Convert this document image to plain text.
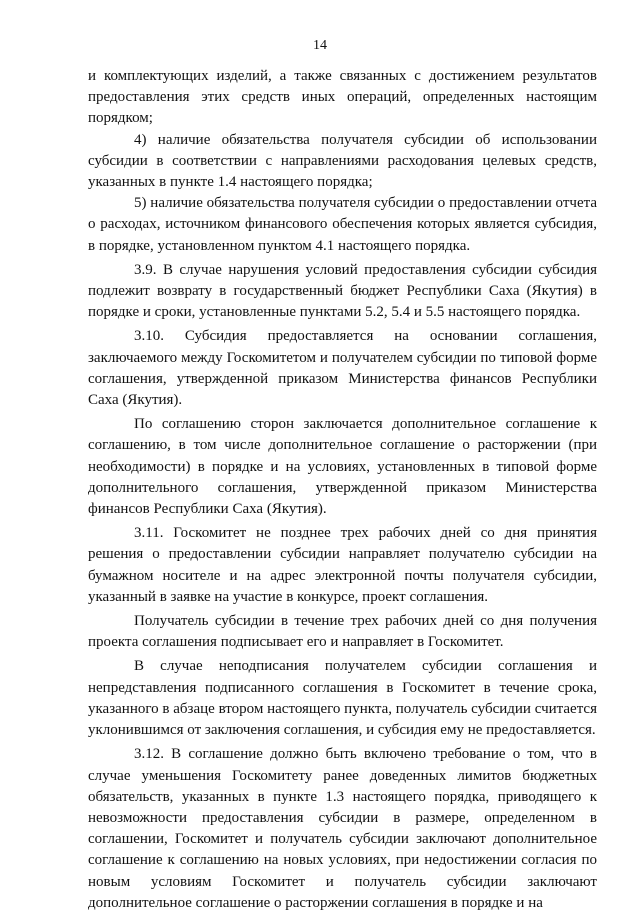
14

и комплектующих изделий, а также связанных с достижением результатов предоставления этих средств иных операций, определенных настоящим порядком;

4) наличие обязательства получателя субсидии об использовании субсидии в соответствии с направлениями расходования целевых средств, указанных в пункте 1.4 настоящего порядка;

5) наличие обязательства получателя субсидии о предоставлении отчета о расходах, источником финансового обеспечения которых является субсидия, в порядке, установленном пунктом 4.1 настоящего порядка.

3.9. В случае нарушения условий предоставления субсидии субсидия подлежит возврату в государственный бюджет Республики Саха (Якутия) в порядке и сроки, установленные пунктами 5.2, 5.4 и 5.5 настоящего порядка.

3.10. Субсидия предоставляется на основании соглашения, заключаемого между Госкомитетом и получателем субсидии по типовой форме соглашения, утвержденной приказом Министерства финансов Республики Саха (Якутия).

По соглашению сторон заключается дополнительное соглашение к соглашению, в том числе дополнительное соглашение о расторжении (при необходимости) в порядке и на условиях, установленных в типовой форме дополнительного соглашения, утвержденной приказом Министерства финансов Республики Саха (Якутия).

3.11. Госкомитет не позднее трех рабочих дней со дня принятия решения о предоставлении субсидии направляет получателю субсидии на бумажном носителе и на адрес электронной почты получателя субсидии, указанный в заявке на участие в конкурсе, проект соглашения.

Получатель субсидии в течение трех рабочих дней со дня получения проекта соглашения подписывает его и направляет в Госкомитет.

В случае неподписания получателем субсидии соглашения и непредставления подписанного соглашения в Госкомитет в течение срока, указанного в абзаце втором настоящего пункта, получатель субсидии считается уклонившимся от заключения соглашения, и субсидия ему не предоставляется.

3.12. В соглашение должно быть включено требование о том, что в случае уменьшения Госкомитету ранее доведенных лимитов бюджетных обязательств, указанных в пункте 1.3 настоящего порядка, приводящего к невозможности предоставления субсидии в размере, определенном в соглашении, Госкомитет и получатель субсидии заключают дополнительное соглашение к соглашению на новых условиях, при недостижении согласия по новым условиям Госкомитет и получатель субсидии заключают дополнительное соглашение о расторжении соглашения в порядке и на
